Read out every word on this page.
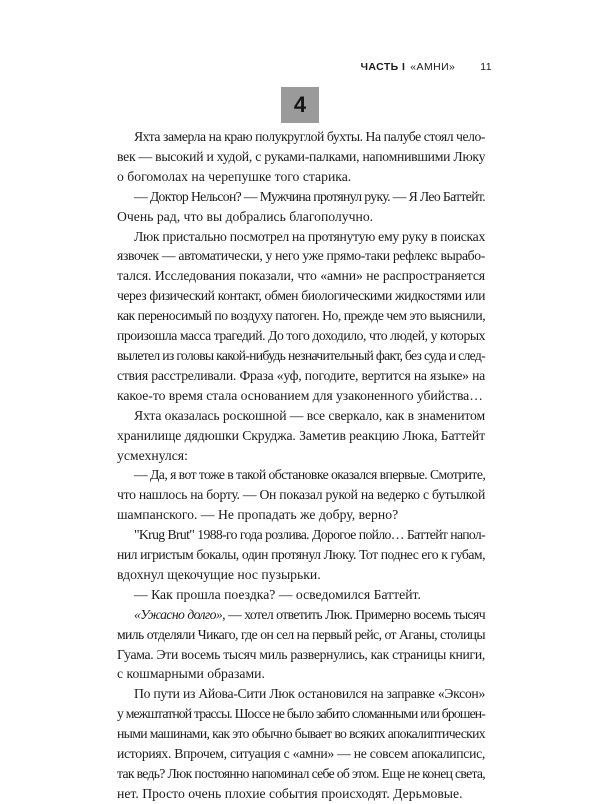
ЧАСТЬ I «АМНИ» 11
4
Яхта замерла на краю полукруглой бухты. На палубе стоял чело-
век — высокий и худой, с руками-палками, напомнившими Люку
о богомолах на черепушке того старика.
— Доктор Нельсон? — Мужчина протянул руку. — Я Лео Баттейт.
Очень рад, что вы добрались благополучно.
Люк пристально посмотрел на протянутую ему руку в поисках
язвочек — автоматически, у него уже прямо-таки рефлекс вырабо-
тался. Исследования показали, что «амни» не распространяется
через физический контакт, обмен биологическими жидкостями или
как переносимый по воздуху патоген. Но, прежде чем это выяснили,
произошла масса трагедий. До того доходило, что людей, у которых
вылетел из головы какой-нибудь незначительный факт, без суда и след-
ствия расстреливали. Фраза «уф, погодите, вертится на языке» на
какое-то время стала основанием для узаконенного убийства…
Яхта оказалась роскошной — все сверкало, как в знаменитом
хранилище дядюшки Скруджа. Заметив реакцию Люка, Баттейт
усмехнулся:
— Да, я вот тоже в такой обстановке оказался впервые. Смотрите,
что нашлось на борту. — Он показал рукой на ведерко с бутылкой
шампанского. — Не пропадать же добру, верно?
"Krug Brut" 1988-го года розлива. Дорогое пойло… Баттейт напол-
нил игристым бокалы, один протянул Люку. Тот поднес его к губам,
вдохнул щекочущие нос пузырьки.
— Как прошла поездка? — осведомился Баттейт.
«Ужасно долго», — хотел ответить Люк. Примерно восемь тысяч
миль отделяли Чикаго, где он сел на первый рейс, от Аганы, столицы
Гуама. Эти восемь тысяч миль развернулись, как страницы книги,
с кошмарными образами.
По пути из Айова-Сити Люк остановился на заправке «Эксон»
у межштатной трассы. Шоссе не было забито сломанными или брошен-
ными машинами, как это обычно бывает во всяких апокалиптических
историях. Впрочем, ситуация с «амни» — не совсем апокалипсис,
так ведь? Люк постоянно напоминал себе об этом. Еще не конец света,
нет. Просто очень плохие события происходят. Дерьмовые.
